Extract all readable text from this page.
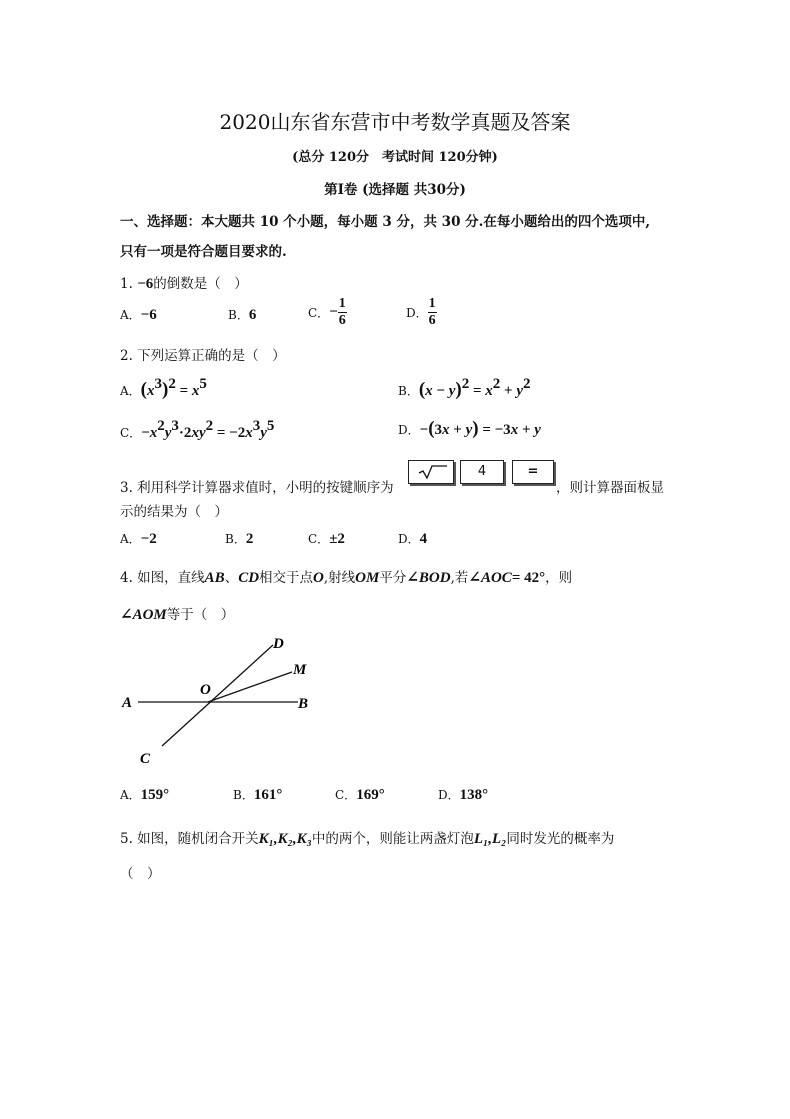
2020山东省东营市中考数学真题及答案
(总分 120分　考试时间 120分钟)
第Ⅰ卷 (选择题 共30分)
一、选择题：本大题共 10 个小题，每小题 3 分，共 30 分.在每小题给出的四个选项中,
只有一项是符合题目要求的.
1. −6的倒数是（　）
A．−6	B．6	C．− $\frac{1}{6}$	D． $\frac{1}{6}$
2. 下列运算正确的是（　）
A．$(x^3)^2 = x^5$	B．$(x - y)^2 = x^2 + y^2$
C．$-x^2y^3\cdot 2xy^2 = -2x^3y^5$	D．−(3x + y) = −3x + y
3. 利用科学计算器求值时，小明的按键顺序为
4	=
，则计算器面板显
示的结果为（　）
A．−2	B．2	C．±2	D．4
4. 如图，直线AB、CD相交于点O,射线OM平分∠BOD,若∠AOC= 42°，则
∠AOM等于（　）
A	B
C
D
M
O
A．159°	B．161°	C．169°	D．138°
5. 如图，随机闭合开关K₁,K₂,K₃中的两个，则能让两盏灯泡L₁,L₂同时发光的概率为
（　）
